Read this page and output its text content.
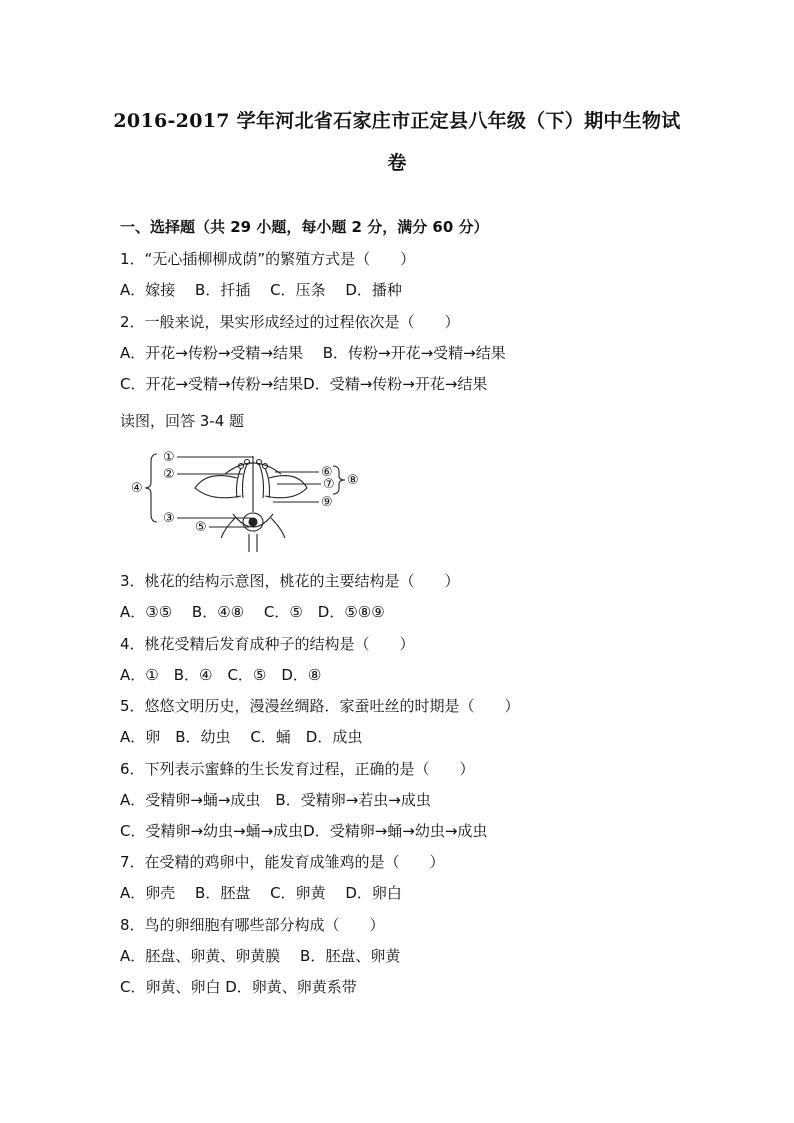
2016-2017 学年河北省石家庄市正定县八年级（下）期中生物试
卷
一、选择题（共 29 小题，每小题 2 分，满分 60 分）
1．“无心插柳柳成荫”的繁殖方式是（　　）
A．嫁接　 B．扦插　 C．压条　 D．播种
2．一般来说，果实形成经过的过程依次是（　　）
A．开花→传粉→受精→结果　 B．传粉→开花→受精→结果
C．开花→受精→传粉→结果D．受精→传粉→开花→结果
读图，回答 3-4 题
①
②
③
④
⑤
⑥
⑦ ⑧
⑨
3．桃花的结构示意图，桃花的主要结构是（　　）
A．③⑤　 B．④⑧　 C．⑤　D．⑤⑧⑨
4．桃花受精后发育成种子的结构是（　　）
A．①　B．④　C．⑤　D．⑧
5．悠悠文明历史，漫漫丝绸路．家蚕吐丝的时期是（　　）
A．卵　B．幼虫　 C．蛹　D．成虫
6．下列表示蜜蜂的生长发育过程，正确的是（　　）
A．受精卵→蛹→成虫　B．受精卵→若虫→成虫
C．受精卵→幼虫→蛹→成虫D．受精卵→蛹→幼虫→成虫
7．在受精的鸡卵中，能发育成雏鸡的是（　　）
A．卵壳　 B．胚盘　 C．卵黄　 D．卵白
8．鸟的卵细胞有哪些部分构成（　　）
A．胚盘、卵黄、卵黄膜　 B．胚盘、卵黄
C．卵黄、卵白 D．卵黄、卵黄系带
